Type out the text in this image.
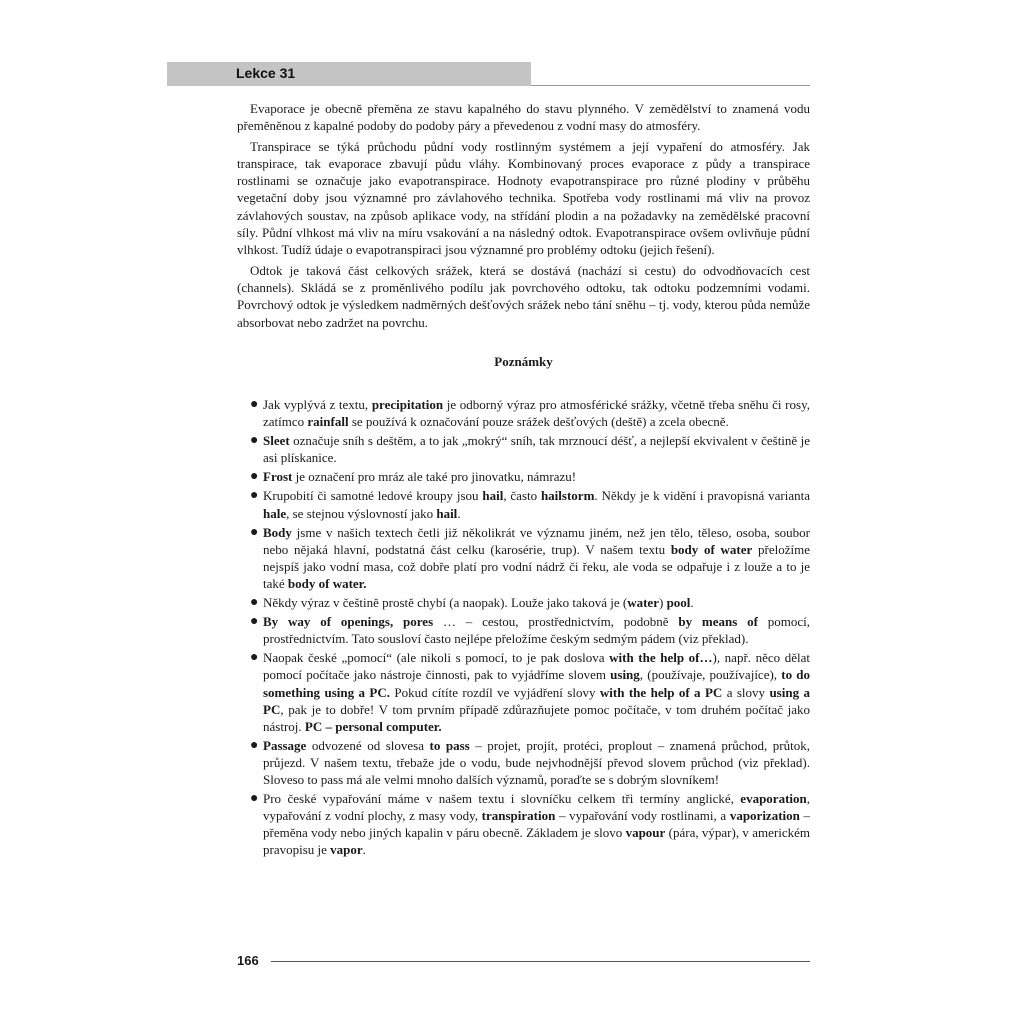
Lekce 31

Evaporace je obecně přeměna ze stavu kapalného do stavu plynného. V zemědělství to znamená vodu přeměněnou z kapalné podoby do podoby páry a převedenou z vodní masy do atmosféry.

Transpirace se týká průchodu půdní vody rostlinným systémem a její vypaření do atmosféry. Jak transpirace, tak evaporace zbavují půdu vláhy. Kombinovaný proces evaporace z půdy a transpirace rostlinami se označuje jako evapotranspirace. Hodnoty evapotranspirace pro různé plodiny v průběhu vegetační doby jsou významné pro závlahového technika. Spotřeba vody rostlinami má vliv na provoz závlahových soustav, na způsob aplikace vody, na střídání plodin a na požadavky na zemědělské pracovní síly. Půdní vlhkost má vliv na míru vsakování a na následný odtok. Evapotranspirace ovšem ovlivňuje půdní vlhkost. Tudíž údaje o evapotranspiraci jsou významné pro problémy odtoku (jejich řešení).

Odtok je taková část celkových srážek, která se dostává (nachází si cestu) do odvodňovacích cest (channels). Skládá se z proměnlivého podílu jak povrchového odtoku, tak odtoku podzemními vodami. Povrchový odtok je výsledkem nadměrných dešťových srážek nebo tání sněhu – tj. vody, kterou půda nemůže absorbovat nebo zadržet na povrchu.

Poznámky
● Jak vyplývá z textu, precipitation je odborný výraz pro atmosférické srážky, včetně třeba sněhu či rosy, zatímco rainfall se používá k označování pouze srážek dešťových (deště) a zcela obecně.
● Sleet označuje sníh s deštěm, a to jak „mokrý“ sníh, tak mrznoucí déšť, a nejlepší ekvivalent v češtině je asi plískanice.
● Frost je označení pro mráz ale také pro jinovatku, námrazu!
● Krupobití či samotné ledové kroupy jsou hail, často hailstorm. Někdy je k vidění i pravopisná varianta hale, se stejnou výslovností jako hail.
● Body jsme v našich textech četli již několikrát ve významu jiném, než jen tělo, těleso, osoba, soubor nebo nějaká hlavní, podstatná část celku (karosérie, trup). V našem textu body of water přeložíme nejspíš jako vodní masa, což dobře platí pro vodní nádrž či řeku, ale voda se odpařuje i z louže a to je také body of water.
● Někdy výraz v češtině prostě chybí (a naopak). Louže jako taková je (water) pool.
● By way of openings, pores … – cestou, prostřednictvím, podobně by means of pomocí, prostřednictvím. Tato sousloví často nejlépe přeložíme českým sedmým pádem (viz překlad).
● Naopak české „pomocí“ (ale nikoli s pomocí, to je pak doslova with the help of…), např. něco dělat pomocí počítače jako nástroje činnosti, pak to vyjádříme slovem using, (používaje, používajíce), to do something using a PC. Pokud cítíte rozdíl ve vyjádření slovy with the help of a PC a slovy using a PC, pak je to dobře! V tom prvním případě zdůrazňujete pomoc počítače, v tom druhém počítač jako nástroj. PC – personal computer.
● Passage odvozené od slovesa to pass – projet, projít, protéci, proplout – znamená průchod, průtok, průjezd. V našem textu, třebaže jde o vodu, bude nejvhodnější převod slovem průchod (viz překlad). Sloveso to pass má ale velmi mnoho dalších významů, poraďte se s dobrým slovníkem!
● Pro české vypařování máme v našem textu i slovníčku celkem tři termíny anglické, evaporation, vypařování z vodní plochy, z masy vody, transpiration – vypařování vody rostlinami, a vaporization – přeměna vody nebo jiných kapalin v páru obecně. Základem je slovo vapour (pára, výpar), v americkém pravopisu je vapor.
166
